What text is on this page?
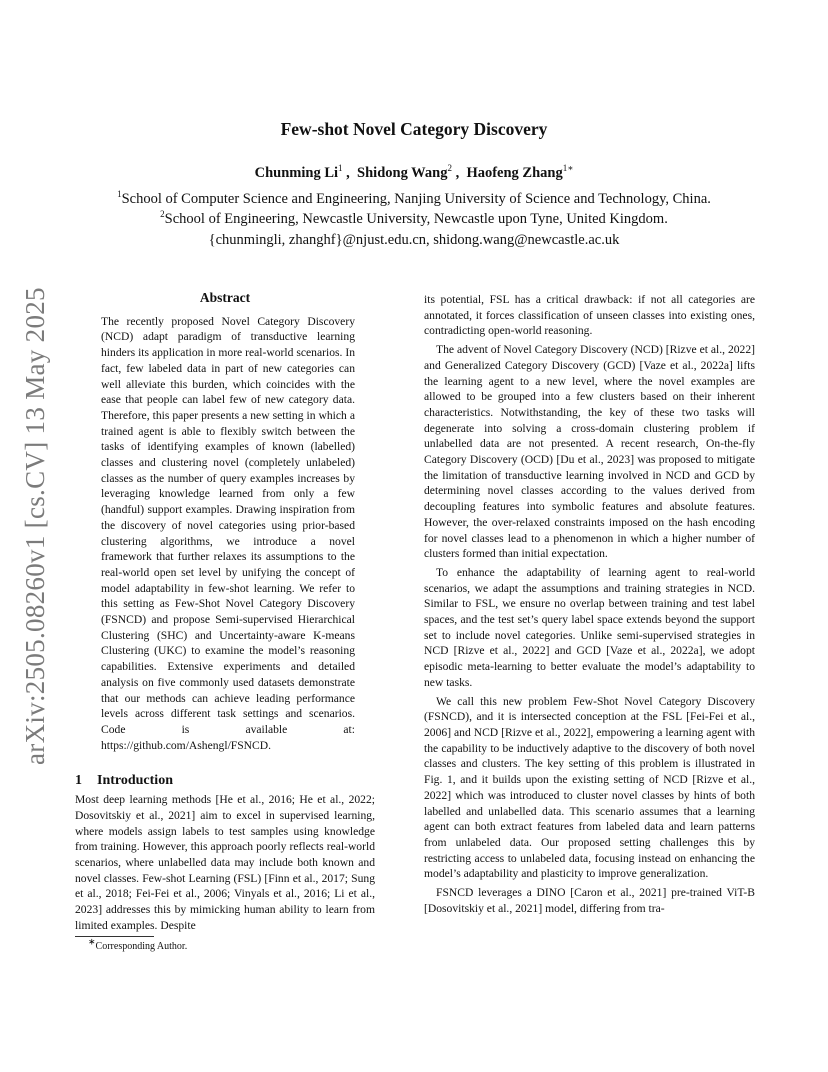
arXiv:2505.08260v1 [cs.CV] 13 May 2025
Few-shot Novel Category Discovery
Chunming Li$^1$ ,  Shidong Wang$^2$ ,  Haofeng Zhang$^{1∗}$
$^1$School of Computer Science and Engineering, Nanjing University of Science and Technology, China.
$^2$School of Engineering, Newcastle University, Newcastle upon Tyne, United Kingdom.
{chunmingli, zhanghf}@njust.edu.cn, shidong.wang@newcastle.ac.uk
Abstract

The recently proposed Novel Category Discovery (NCD) adapt paradigm of transductive learning hinders its application in more real-world scenarios. In fact, few labeled data in part of new categories can well alleviate this burden, which coincides with the ease that people can label few of new category data. Therefore, this paper presents a new setting in which a trained agent is able to flexibly switch between the tasks of identifying examples of known (labelled) classes and clustering novel (completely unlabeled) classes as the number of query examples increases by leveraging knowledge learned from only a few (handful) support examples. Drawing inspiration from the discovery of novel categories using prior-based clustering algorithms, we introduce a novel framework that further relaxes its assumptions to the real-world open set level by unifying the concept of model adaptability in few-shot learning. We refer to this setting as Few-Shot Novel Category Discovery (FSNCD) and propose Semi-supervised Hierarchical Clustering (SHC) and Uncertainty-aware K-means Clustering (UKC) to examine the model’s reasoning capabilities. Extensive experiments and detailed analysis on five commonly used datasets demonstrate that our methods can achieve leading performance levels across different task settings and scenarios. Code is available at: https://github.com/Ashengl/FSNCD.

1 Introduction

Most deep learning methods [He et al., 2016; He et al., 2022; Dosovitskiy et al., 2021] aim to excel in supervised learning, where models assign labels to test samples using knowledge from training. However, this approach poorly reflects real-world scenarios, where unlabelled data may include both known and novel classes. Few-shot Learning (FSL) [Finn et al., 2017; Sung et al., 2018; Fei-Fei et al., 2006; Vinyals et al., 2016; Li et al., 2023] addresses this by mimicking human ability to learn from limited examples. Despite

its potential, FSL has a critical drawback: if not all categories are annotated, it forces classification of unseen classes into existing ones, contradicting open-world reasoning.

The advent of Novel Category Discovery (NCD) [Rizve et al., 2022] and Generalized Category Discovery (GCD) [Vaze et al., 2022a] lifts the learning agent to a new level, where the novel examples are allowed to be grouped into a few clusters based on their inherent characteristics. Notwithstanding, the key of these two tasks will degenerate into solving a cross-domain clustering problem if unlabelled data are not presented. A recent research, On-the-fly Category Discovery (OCD) [Du et al., 2023] was proposed to mitigate the limitation of transductive learning involved in NCD and GCD by determining novel classes according to the values derived from decoupling features into symbolic features and absolute features. However, the over-relaxed constraints imposed on the hash encoding for novel classes lead to a phenomenon in which a higher number of clusters formed than initial expectation.

To enhance the adaptability of learning agent to real-world scenarios, we adapt the assumptions and training strategies in NCD. Similar to FSL, we ensure no overlap between training and test label spaces, and the test set’s query label space extends beyond the support set to include novel categories. Unlike semi-supervised strategies in NCD [Rizve et al., 2022] and GCD [Vaze et al., 2022a], we adopt episodic meta-learning to better evaluate the model’s adaptability to new tasks.

We call this new problem Few-Shot Novel Category Discovery (FSNCD), and it is intersected conception at the FSL [Fei-Fei et al., 2006] and NCD [Rizve et al., 2022], empowering a learning agent with the capability to be inductively adaptive to the discovery of both novel classes and clusters. The key setting of this problem is illustrated in Fig. 1, and it builds upon the existing setting of NCD [Rizve et al., 2022] which was introduced to cluster novel classes by hints of both labelled and unlabelled data. This scenario assumes that a learning agent can both extract features from labeled data and learn patterns from unlabeled data. Our proposed setting challenges this by restricting access to unlabeled data, focusing instead on enhancing the model’s adaptability and plasticity to improve generalization.

FSNCD leverages a DINO [Caron et al., 2021] pre-trained ViT-B [Dosovitskiy et al., 2021] model, differing from tra-

∗Corresponding Author.
